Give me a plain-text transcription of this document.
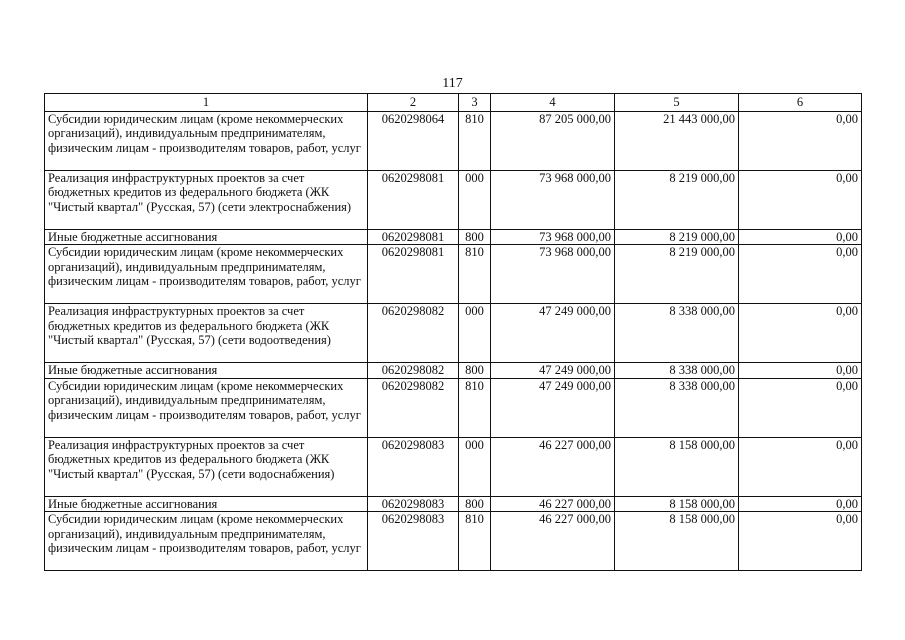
117
1	2	3	4	5	6
Субсидии юридическим лицам (кроме некоммерческих организаций), индивидуальным предпринимателям, физическим лицам - производителям товаров, работ, услуг	0620298064	810	87 205 000,00	21 443 000,00	0,00
Реализация инфраструктурных проектов за счет бюджетных кредитов из федерального бюджета (ЖК "Чистый квартал" (Русская, 57) (сети электроснабжения)	0620298081	000	73 968 000,00	8 219 000,00	0,00
Иные бюджетные ассигнования	0620298081	800	73 968 000,00	8 219 000,00	0,00
Субсидии юридическим лицам (кроме некоммерческих организаций), индивидуальным предпринимателям, физическим лицам - производителям товаров, работ, услуг	0620298081	810	73 968 000,00	8 219 000,00	0,00
Реализация инфраструктурных проектов за счет бюджетных кредитов из федерального бюджета (ЖК "Чистый квартал" (Русская, 57) (сети водоотведения)	0620298082	000	47 249 000,00	8 338 000,00	0,00
Иные бюджетные ассигнования	0620298082	800	47 249 000,00	8 338 000,00	0,00
Субсидии юридическим лицам (кроме некоммерческих организаций), индивидуальным предпринимателям, физическим лицам - производителям товаров, работ, услуг	0620298082	810	47 249 000,00	8 338 000,00	0,00
Реализация инфраструктурных проектов за счет бюджетных кредитов из федерального бюджета (ЖК "Чистый квартал" (Русская, 57) (сети водоснабжения)	0620298083	000	46 227 000,00	8 158 000,00	0,00
Иные бюджетные ассигнования	0620298083	800	46 227 000,00	8 158 000,00	0,00
Субсидии юридическим лицам (кроме некоммерческих организаций), индивидуальным предпринимателям, физическим лицам - производителям товаров, работ, услуг	0620298083	810	46 227 000,00	8 158 000,00	0,00
